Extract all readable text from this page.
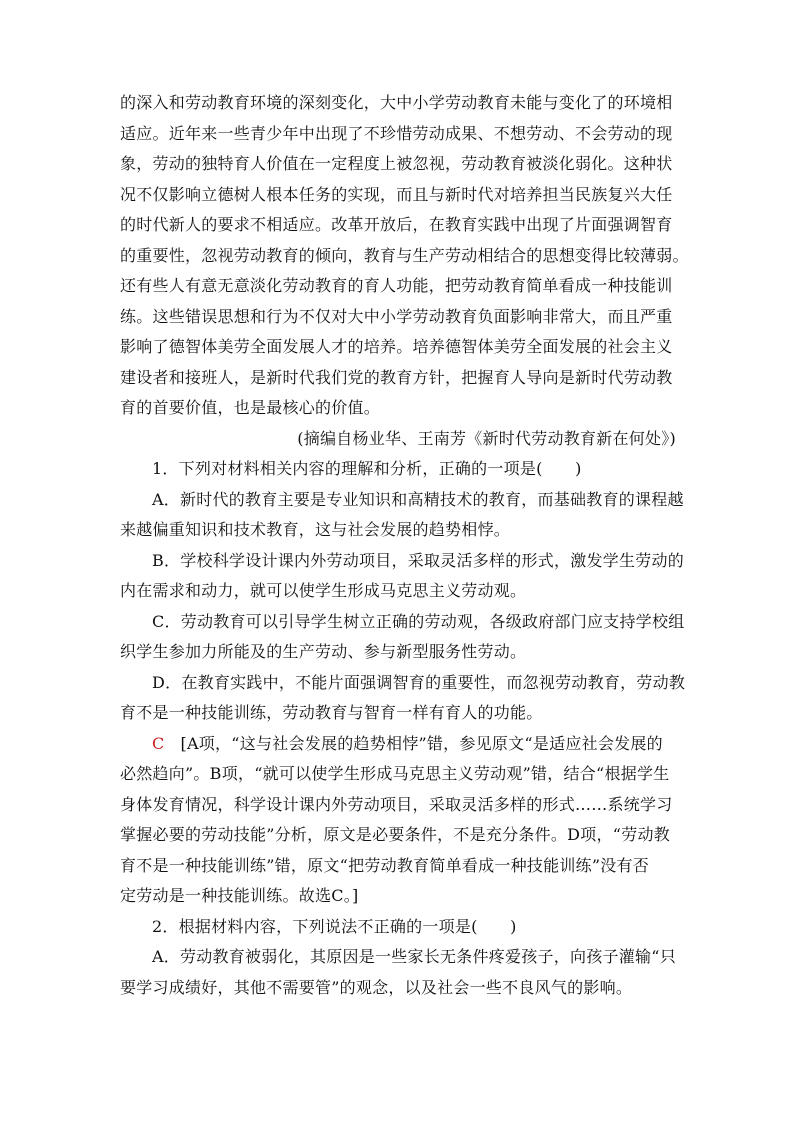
的深入和劳动教育环境的深刻变化，大中小学劳动教育未能与变化了的环境相
适应。近年来一些青少年中出现了不珍惜劳动成果、不想劳动、不会劳动的现
象，劳动的独特育人价值在一定程度上被忽视，劳动教育被淡化弱化。这种状
况不仅影响立德树人根本任务的实现，而且与新时代对培养担当民族复兴大任
的时代新人的要求不相适应。改革开放后，在教育实践中出现了片面强调智育
的重要性，忽视劳动教育的倾向，教育与生产劳动相结合的思想变得比较薄弱。
还有些人有意无意淡化劳动教育的育人功能，把劳动教育简单看成一种技能训
练。这些错误思想和行为不仅对大中小学劳动教育负面影响非常大，而且严重
影响了德智体美劳全面发展人才的培养。培养德智体美劳全面发展的社会主义
建设者和接班人，是新时代我们党的教育方针，把握育人导向是新时代劳动教
育的首要价值，也是最核心的价值。
(摘编自杨业华、王南芳《新时代劳动教育新在何处》)
1．下列对材料相关内容的理解和分析，正确的一项是(　　)
A．新时代的教育主要是专业知识和高精技术的教育，而基础教育的课程越
来越偏重知识和技术教育，这与社会发展的趋势相悖。
B．学校科学设计课内外劳动项目，采取灵活多样的形式，激发学生劳动的
内在需求和动力，就可以使学生形成马克思主义劳动观。
C．劳动教育可以引导学生树立正确的劳动观，各级政府部门应支持学校组
织学生参加力所能及的生产劳动、参与新型服务性劳动。
D．在教育实践中，不能片面强调智育的重要性，而忽视劳动教育，劳动教
育不是一种技能训练，劳动教育与智育一样有育人的功能。
C [A项，“这与社会发展的趋势相悖”错，参见原文“是适应社会发展的
必然趋向”。B项，“就可以使学生形成马克思主义劳动观”错，结合“根据学生
身体发育情况，科学设计课内外劳动项目，采取灵活多样的形式……系统学习
掌握必要的劳动技能”分析，原文是必要条件，不是充分条件。D项，“劳动教
育不是一种技能训练”错，原文“把劳动教育简单看成一种技能训练”没有否
定劳动是一种技能训练。故选C。]
2．根据材料内容，下列说法不正确的一项是(　　)
A．劳动教育被弱化，其原因是一些家长无条件疼爱孩子，向孩子灌输“只
要学习成绩好，其他不需要管”的观念，以及社会一些不良风气的影响。
